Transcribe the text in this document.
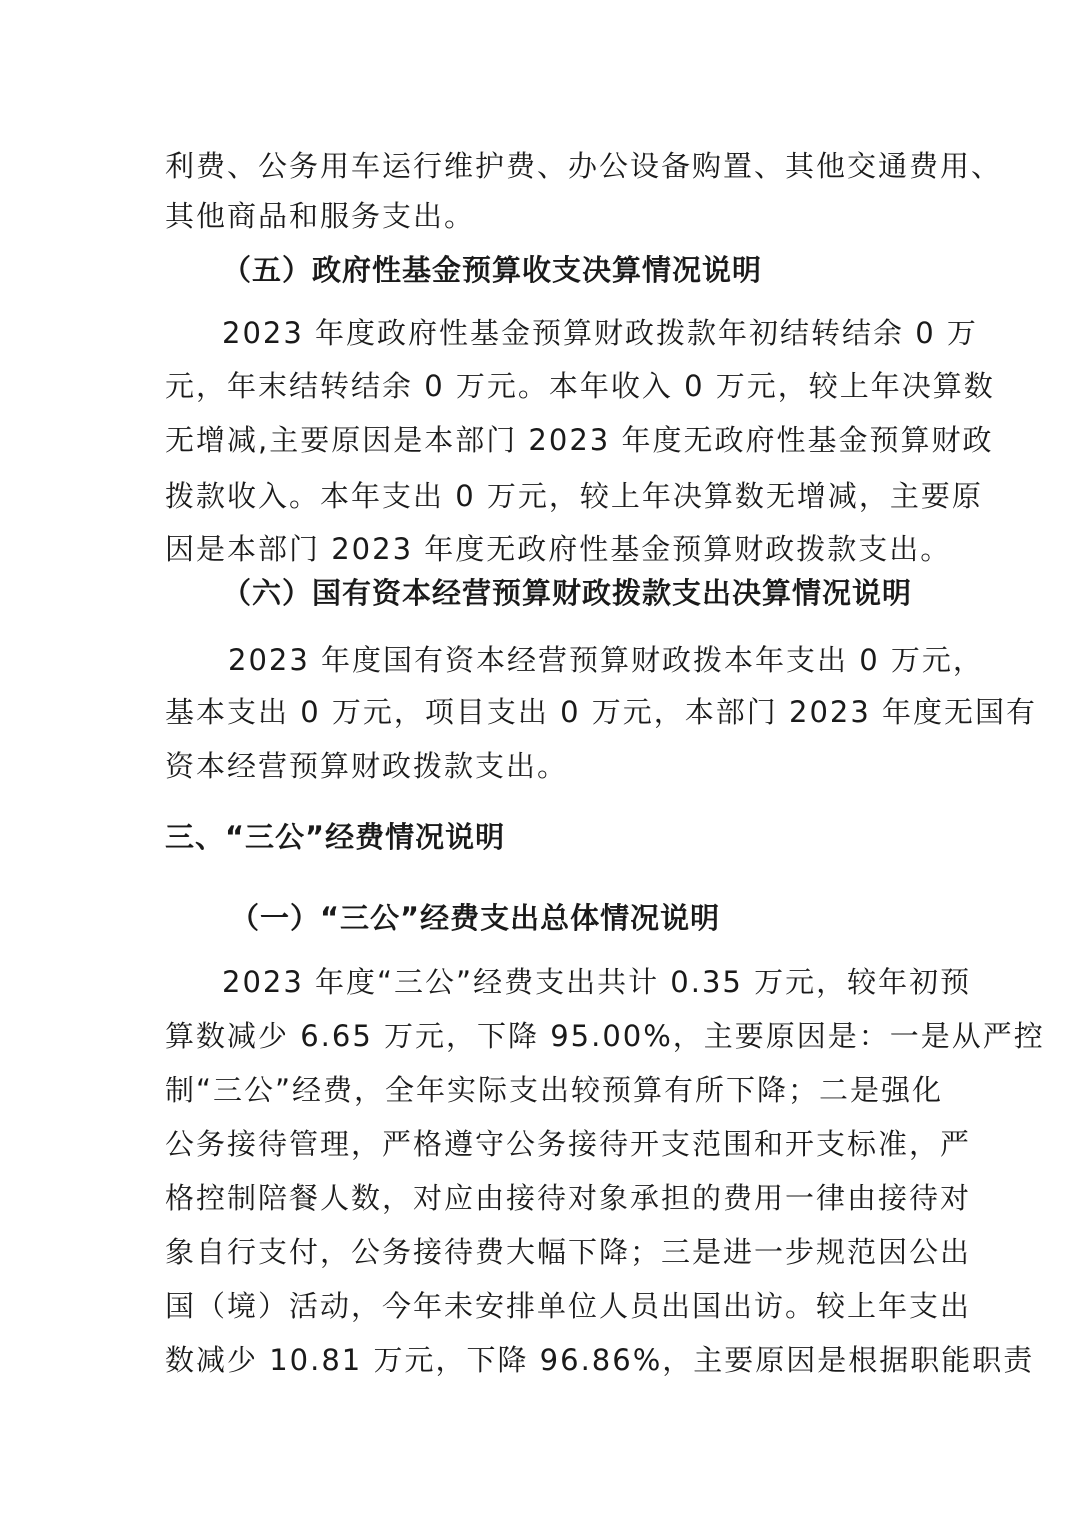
利费、公务用车运行维护费、办公设备购置、其他交通费用、
其他商品和服务支出。
（五）政府性基金预算收支决算情况说明
2023 年度政府性基金预算财政拨款年初结转结余 0 万
元，年末结转结余 0 万元。本年收入 0 万元，较上年决算数
无增减,主要原因是本部门 2023 年度无政府性基金预算财政
拨款收入。本年支出 0 万元，较上年决算数无增减，主要原
因是本部门 2023 年度无政府性基金预算财政拨款支出。
（六）国有资本经营预算财政拨款支出决算情况说明
2023 年度国有资本经营预算财政拨本年支出 0 万元，
基本支出 0 万元，项目支出 0 万元，本部门 2023 年度无国有
资本经营预算财政拨款支出。
三、“三公”经费情况说明
（一）“三公”经费支出总体情况说明
2023 年度“三公”经费支出共计 0.35 万元，较年初预
算数减少 6.65 万元，下降 95.00%，主要原因是：一是从严控
制“三公”经费，全年实际支出较预算有所下降；二是强化
公务接待管理，严格遵守公务接待开支范围和开支标准，严
格控制陪餐人数，对应由接待对象承担的费用一律由接待对
象自行支付，公务接待费大幅下降；三是进一步规范因公出
国（境）活动，今年未安排单位人员出国出访。较上年支出
数减少 10.81 万元，下降 96.86%，主要原因是根据职能职责
